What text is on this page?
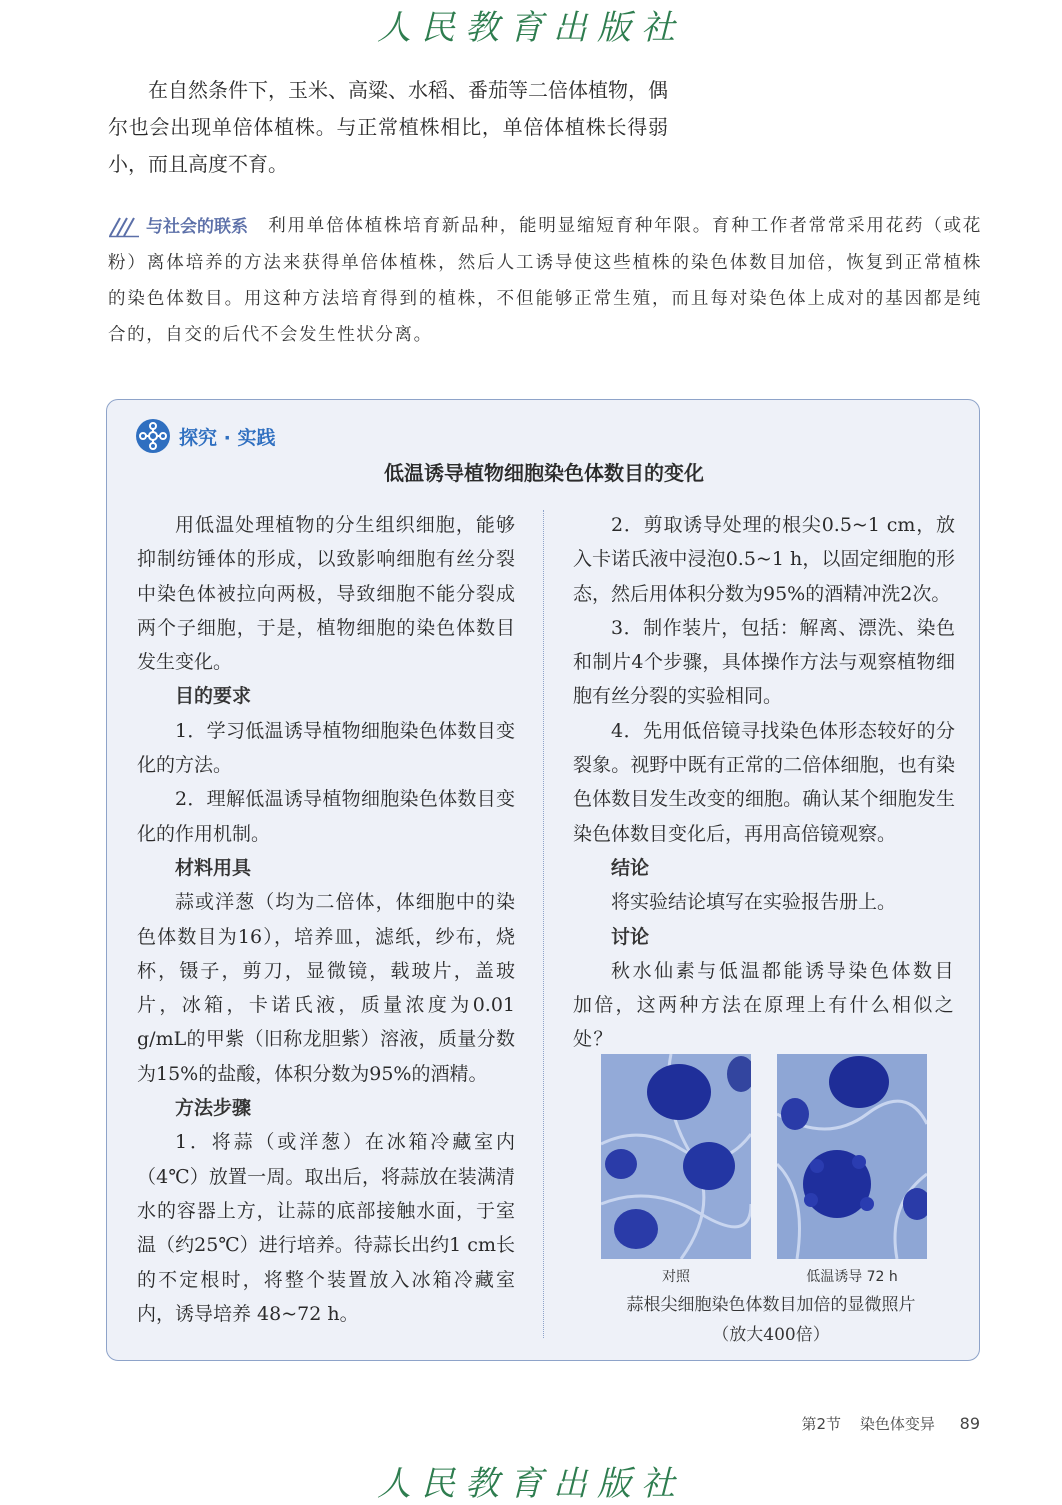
人民教育出版社

在自然条件下，玉米、高粱、水稻、番茄等二倍体植物，偶尔也会出现单倍体植株。与正常植株相比，单倍体植株长得弱小，而且高度不育。

与社会的联系 利用单倍体植株培育新品种，能明显缩短育种年限。育种工作者常常采用花药（或花粉）离体培养的方法来获得单倍体植株，然后人工诱导使这些植株的染色体数目加倍，恢复到正常植株的染色体数目。用这种方法培育得到的植株，不但能够正常生殖，而且每对染色体上成对的基因都是纯合的，自交的后代不会发生性状分离。

探究 · 实践
低温诱导植物细胞染色体数目的变化

用低温处理植物的分生组织细胞，能够抑制纺锤体的形成，以致影响细胞有丝分裂中染色体被拉向两极，导致细胞不能分裂成两个子细胞，于是，植物细胞的染色体数目发生变化。

目的要求

1．学习低温诱导植物细胞染色体数目变化的方法。

2．理解低温诱导植物细胞染色体数目变化的作用机制。

材料用具

蒜或洋葱（均为二倍体，体细胞中的染色体数目为16），培养皿，滤纸，纱布，烧杯，镊子，剪刀，显微镜，载玻片，盖玻片，冰箱，卡诺氏液，质量浓度为0.01 g/mL的甲紫（旧称龙胆紫）溶液，质量分数为15%的盐酸，体积分数为95%的酒精。

方法步骤

1．将蒜（或洋葱）在冰箱冷藏室内（4℃）放置一周。取出后，将蒜放在装满清水的容器上方，让蒜的底部接触水面，于室温（约25℃）进行培养。待蒜长出约1 cm长的不定根时，将整个装置放入冰箱冷藏室内，诱导培养 48~72 h。

2．剪取诱导处理的根尖0.5~1 cm，放入卡诺氏液中浸泡0.5~1 h，以固定细胞的形态，然后用体积分数为95%的酒精冲洗2次。

3．制作装片，包括：解离、漂洗、染色和制片4个步骤，具体操作方法与观察植物细胞有丝分裂的实验相同。

4．先用低倍镜寻找染色体形态较好的分裂象。视野中既有正常的二倍体细胞，也有染色体数目发生改变的细胞。确认某个细胞发生染色体数目变化后，再用高倍镜观察。

结论

将实验结论填写在实验报告册上。

讨论

秋水仙素与低温都能诱导染色体数目加倍，这两种方法在原理上有什么相似之处？

对照	低温诱导 72 h
蒜根尖细胞染色体数目加倍的显微照片
（放大400倍）
第2节 染色体变异 89
人民教育出版社
